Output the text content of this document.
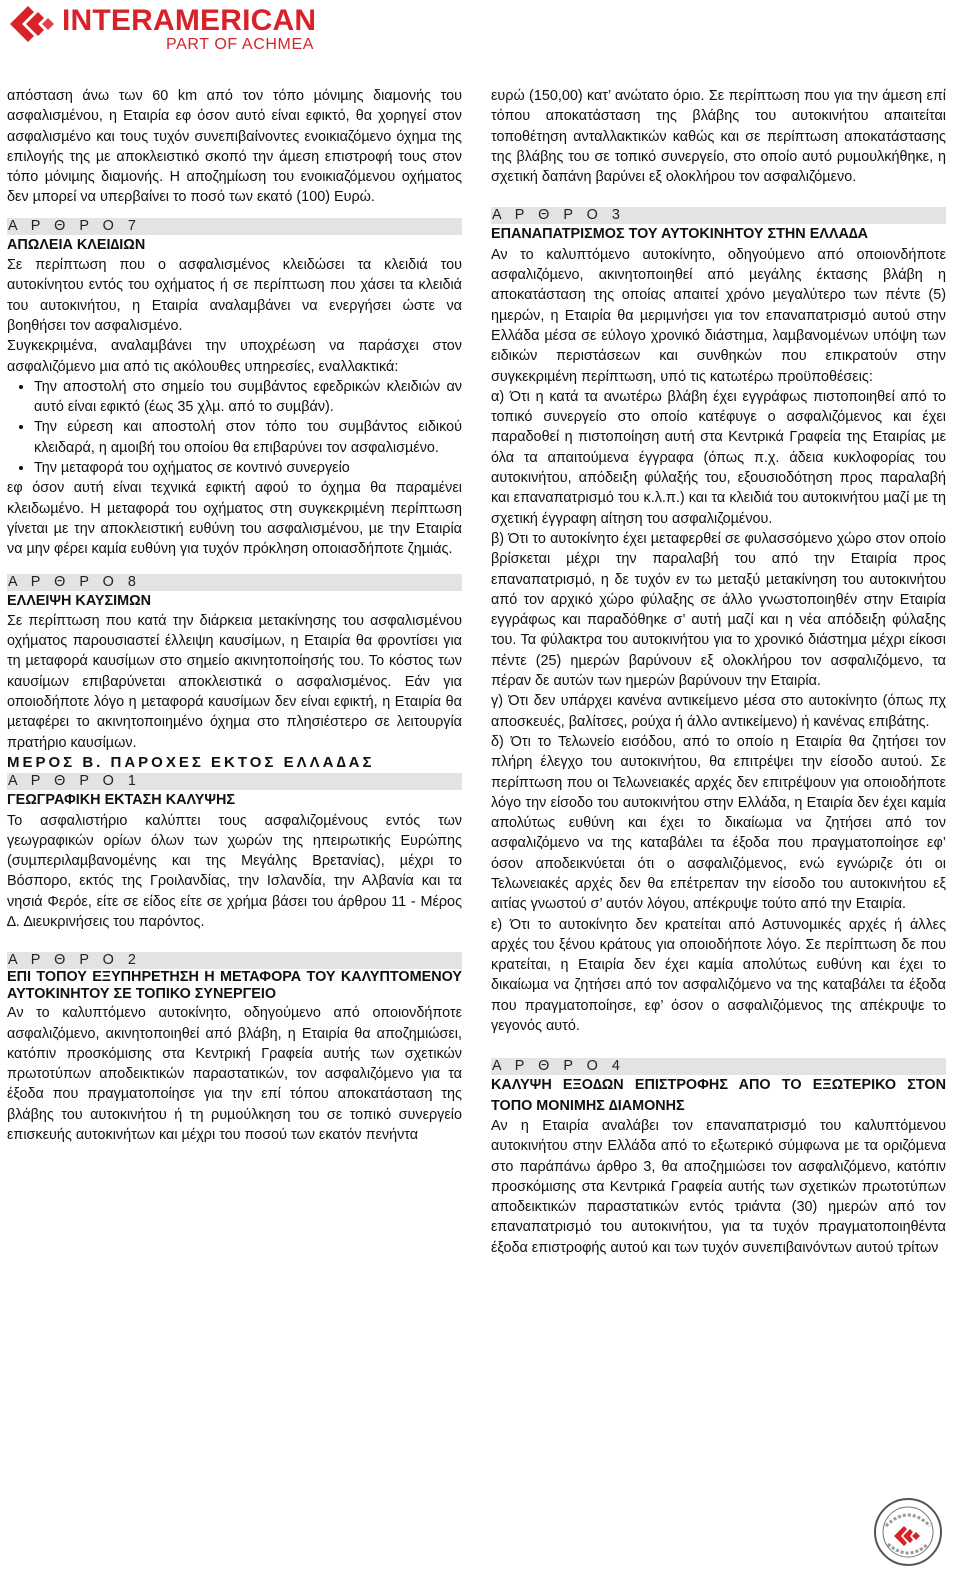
INTERAMERICAN
PART OF ACHMEA

απόσταση άνω των 60 km από τον τόπο µόνιµης διαµονής του ασφαλισµένου, η Εταιρία εφ όσον αυτό είναι εφικτό, θα χορηγεί στον ασφαλισµένο και τους τυχόν συνεπιβαίνοντες ενοικιαζόµενο όχηµα της επιλογής της µε αποκλειστικό σκοπό την άµεση επιστροφή τους στον τόπο µόνιµης διαµονής. Η αποζηµίωση του ενοικιαζόµενου οχήµατος δεν µπορεί να υπερβαίνει το ποσό των εκατό (100) Ευρώ.

Α Ρ Θ Ρ Ο 7

ΑΠΩΛΕΙΑ ΚΛΕΙ∆ΙΩΝ

Σε περίπτωση που ο ασφαλισµένος κλειδώσει τα κλειδιά του αυτοκίνητου εντός του οχήµατος ή σε περίπτωση που χάσει τα κλειδιά του αυτοκινήτου, η Εταιρία αναλαµβάνει να ενεργήσει ώστε να βοηθήσει τον ασφαλισµένο.

Συγκεκριµένα, αναλαµβάνει την υποχρέωση να παράσχει στον ασφαλιζόµενο µια από τις ακόλουθες υπηρεσίες, εναλλακτικά:

• Την αποστολή στο σηµείο του συµβάντος εφεδρικών κλειδιών αν αυτό είναι εφικτό (έως 35 χλµ. από το συµβάν).
• Την εύρεση και αποστολή στον τόπο του συµβάντος ειδικού κλειδαρά, η αµοιβή του οποίου θα επιβαρύνει τον ασφαλισµένο.
• Την µεταφορά του οχήµατος σε κοντινό συνεργείο

εφ όσον αυτή είναι τεχνικά εφικτή αφού το όχηµα θα παραµένει κλειδωµένο. Η µεταφορά του οχήµατος στη συγκεκριµένη περίπτωση γίνεται µε την αποκλειστική ευθύνη του ασφαλισµένου, µε την Εταιρία να µην φέρει καµία ευθύνη για τυχόν πρόκληση οποιασδήποτε ζηµιάς.

Α Ρ Θ Ρ Ο 8

ΕΛΛΕΙΨΗ ΚΑΥΣΙΜΩΝ

Σε περίπτωση που κατά την διάρκεια µετακίνησης του ασφαλισµένου οχήµατος παρουσιαστεί έλλειψη καυσίµων, η Εταιρία θα φροντίσει για τη µεταφορά καυσίµων στο σηµείο ακινητοποίησής του. Το κόστος των καυσίµων επιβαρύνεται αποκλειστικά ο ασφαλισµένος. Εάν για οποιοδήποτε λόγο η µεταφορά καυσίµων δεν είναι εφικτή, η Εταιρία θα µεταφέρει το ακινητοποιηµένο όχηµα στο πλησιέστερο σε λειτουργία πρατήριο καυσίµων.

ΜΕΡΟΣ Β. ΠΑΡΟΧΕΣ ΕΚΤΟΣ ΕΛΛΑ∆ΑΣ

Α Ρ Θ Ρ Ο 1

ΓΕΩΓΡΑΦΙΚΗ ΕΚΤΑΣΗ ΚΑΛΥΨΗΣ

Το ασφαλιστήριο καλύπτει τους ασφαλιζοµένους εντός των γεωγραφικών ορίων όλων των χωρών της ηπειρωτικής Ευρώπης (συµπεριλαµβανοµένης και της Μεγάλης Βρετανίας), µέχρι το Βόσπορο, εκτός της Γροιλανδίας, την Ισλανδία, την Αλβανία και τα νησιά Φερόε, είτε σε είδος είτε σε χρήµα βάσει του άρθρου 11 - Μέρος ∆. ∆ιευκρινήσεις του παρόντος.

Α Ρ Θ Ρ Ο 2

ΕΠΙ ΤΟΠΟΥ ΕΞΥΠΗΡΕΤΗΣΗ Η ΜΕΤΑΦΟΡΑ ΤΟΥ ΚΑΛΥΠΤΟΜΕΝΟΥ ΑΥΤΟΚΙΝΗΤΟΥ ΣΕ ΤΟΠΙΚΟ ΣΥΝΕΡΓΕΙΟ

Αν το καλυπτόµενο αυτοκίνητο, οδηγούµενο από οποιονδήποτε ασφαλιζόµενο, ακινητοποιηθεί από βλάβη, η Εταιρία θα αποζηµιώσει, κατόπιν προσκόµισης στα Κεντρική Γραφεία αυτής των σχετικών πρωτοτύπων αποδεικτικών παραστατικών, τον ασφαλιζόµενο για τα έξοδα που πραγµατοποίησε για την επί τόπου αποκατάσταση της βλάβης του αυτοκινήτου ή τη ρυµούλκηση του σε τοπικό συνεργείο επισκευής αυτοκινήτων και µέχρι του ποσού των εκατόν πενήντα

ευρώ (150,00) κατ’ ανώτατο όριο. Σε περίπτωση που για την άµεση επί τόπου αποκατάσταση της βλάβης του αυτοκινήτου απαιτείται τοποθέτηση ανταλλακτικών καθώς και σε περίπτωση αποκατάστασης της βλάβης του σε τοπικό συνεργείο, στο οποίο αυτό ρυµουλκήθηκε, η σχετική δαπάνη βαρύνει εξ ολοκλήρου τον ασφαλιζόµενο.

Α Ρ Θ Ρ Ο 3

ΕΠΑΝΑΠΑΤΡΙΣΜΟΣ ΤΟΥ ΑΥΤΟΚΙΝΗΤΟΥ ΣΤΗΝ ΕΛΛΑ∆Α

Αν το καλυπτόµενο αυτοκίνητο, οδηγούµενο από οποιονδήποτε ασφαλιζόµενο, ακινητοποιηθεί από µεγάλης έκτασης βλάβη η αποκατάσταση της οποίας απαιτεί χρόνο µεγαλύτερο των πέντε (5) ηµερών, η Εταιρία θα µεριµνήσει για τον επαναπατρισµό αυτού στην Ελλάδα µέσα σε εύλογο χρονικό διάστηµα, λαµβανοµένων υπόψη των ειδικών περιστάσεων και συνθηκών που επικρατούν στην συγκεκριµένη περίπτωση, υπό τις κατωτέρω προϋποθέσεις:

α) Ότι η κατά τα ανωτέρω βλάβη έχει εγγράφως πιστοποιηθεί από το τοπικό συνεργείο στο οποίο κατέφυγε ο ασφαλιζόµενος και έχει παραδοθεί η πιστοποίηση αυτή στα Κεντρικά Γραφεία της Εταιρίας µε όλα τα απαιτούµενα έγγραφα (όπως π.χ. άδεια κυκλοφορίας του αυτοκινήτου, απόδειξη φύλαξής του, εξουσιοδότηση προς παραλαβή και επαναπατρισµό του κ.λ.π.) και τα κλειδιά του αυτοκινήτου µαζί µε τη σχετική έγγραφη αίτηση του ασφαλιζοµένου.

β) Ότι το αυτοκίνητο έχει µεταφερθεί σε φυλασσόµενο χώρο στον οποίο βρίσκεται µέχρι την παραλαβή του από την Εταιρία προς επαναπατρισµό, η δε τυχόν εν τω µεταξύ µετακίνηση του αυτοκινήτου από τον αρχικό χώρο φύλαξης σε άλλο γνωστοποιηθέν στην Εταιρία εγγράφως και παραδόθηκε σ’ αυτή µαζί και η νέα απόδειξη φύλαξης του. Τα φύλακτρα του αυτοκινήτου για το χρονικό διάστηµα µέχρι είκοσι πέντε (25) ηµερών βαρύνουν εξ ολοκλήρου τον ασφαλιζόµενο, τα πέραν δε αυτών των ηµερών βαρύνουν την Εταιρία.

γ) Ότι δεν υπάρχει κανένα αντικείµενο µέσα στο αυτοκίνητο (όπως πχ αποσκευές, βαλίτσες, ρούχα ή άλλο αντικείµενο) ή κανένας επιβάτης.

δ) Ότι το Τελωνείο εισόδου, από το οποίο η Εταιρία θα ζητήσει τον πλήρη έλεγχο του αυτοκινήτου, θα επιτρέψει την είσοδο αυτού. Σε περίπτωση που οι Τελωνειακές αρχές δεν επιτρέψουν για οποιοδήποτε λόγο την είσοδο του αυτοκινήτου στην Ελλάδα, η Εταιρία δεν έχει καµία απολύτως ευθύνη και έχει το δικαίωµα να ζητήσει από τον ασφαλιζόµενο να της καταβάλει τα έξοδα που πραγµατοποίησε εφ’ όσον αποδεικνύεται ότι ο ασφαλιζόµενος, ενώ εγνώριζε ότι οι Τελωνειακές αρχές δεν θα επέτρεπαν την είσοδο του αυτοκινήτου εξ αιτίας γνωστού σ’ αυτόν λόγου, απέκρυψε τούτο από την Εταιρία.

ε) Ότι το αυτοκίνητο δεν κρατείται από Αστυνοµικές αρχές ή άλλες αρχές του ξένου κράτους για οποιοδήποτε λόγο. Σε περίπτωση δε που κρατείται, η Εταιρία δεν έχει καµία απολύτως ευθύνη και έχει το δικαίωµα να ζητήσει από τον ασφαλιζόµενο να της καταβάλει τα έξοδα που πραγµατοποίησε, εφ’ όσον ο ασφαλιζόµενος της απέκρυψε το γεγονός αυτό.

Α Ρ Θ Ρ Ο 4

ΚΑΛΥΨΗ ΕΞΟ∆ΩΝ ΕΠΙΣΤΡΟΦΗΣ ΑΠΟ ΤΟ ΕΞΩΤΕΡΙΚΟ ΣΤΟΝ ΤΟΠΟ ΜΟΝΙΜΗΣ ∆ΙΑΜΟΝΗΣ

Αν η Εταιρία αναλάβει τον επαναπατρισµό του καλυπτόµενου αυτοκινήτου στην Ελλάδα από το εξωτερικό σύµφωνα µε τα οριζόµενα στο παράπάνω άρθρο 3, θα αποζηµιώσει τον ασφαλιζόµενο, κατόπιν προσκόµισης στα Κεντρικά Γραφεία αυτής των σχετικών πρωτοτύπων αποδεικτικών παραστατικών εντός τριάντα (30) ηµερών από τον επαναπατρισµό του αυτοκινήτου, για τα τυχόν πραγµατοποιηθέντα έξοδα επιστροφής αυτού και των τυχόν συνεπιβαινόντων αυτού τρίτων
